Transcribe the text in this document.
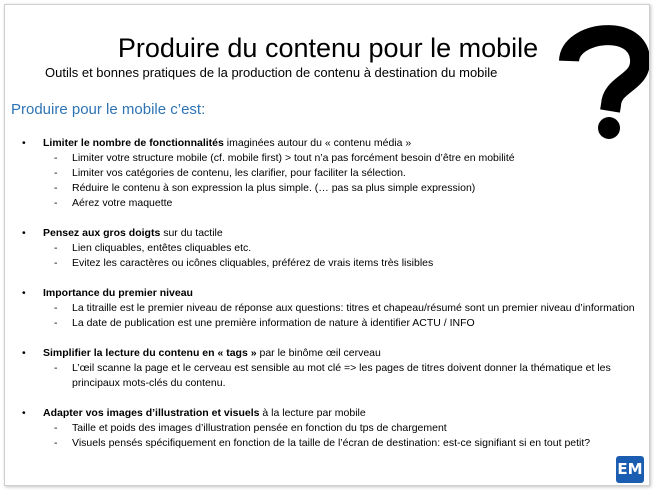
Produire du contenu pour le mobile
Outils et bonnes pratiques de la production de contenu à destination du mobile
Produire pour le mobile c’est:
• Limiter le nombre de fonctionnalités imaginées autour du « contenu média »
- Limiter votre structure mobile (cf. mobile first) > tout n’a pas forcément besoin d’être en mobilité
- Limiter vos catégories de contenu, les clarifier, pour faciliter la sélection.
- Réduire le contenu à son expression la plus simple. (… pas sa plus simple expression)
- Aérez votre maquette
• Pensez aux gros doigts sur du tactile
- Lien cliquables, entêtes cliquables etc.
- Evitez les caractères ou icônes cliquables, préférez de vrais items très lisibles
• Importance du premier niveau
- La titraille est le premier niveau de réponse aux questions: titres et chapeau/résumé sont un premier niveau d’information
- La date de publication est une première information de nature à identifier ACTU / INFO
• Simplifier la lecture du contenu en « tags » par le binôme œil cerveau
- L’œil scanne la page et le cerveau est sensible au mot clé => les pages de titres doivent donner la thématique et les principaux mots-clés du contenu.
• Adapter vos images d’illustration et visuels à la lecture par mobile
- Taille et poids des images d’illustration pensée en fonction du tps de chargement
- Visuels pensés spécifiquement en fonction de la taille de l’écran de destination: est-ce signifiant si en tout petit?
EM
